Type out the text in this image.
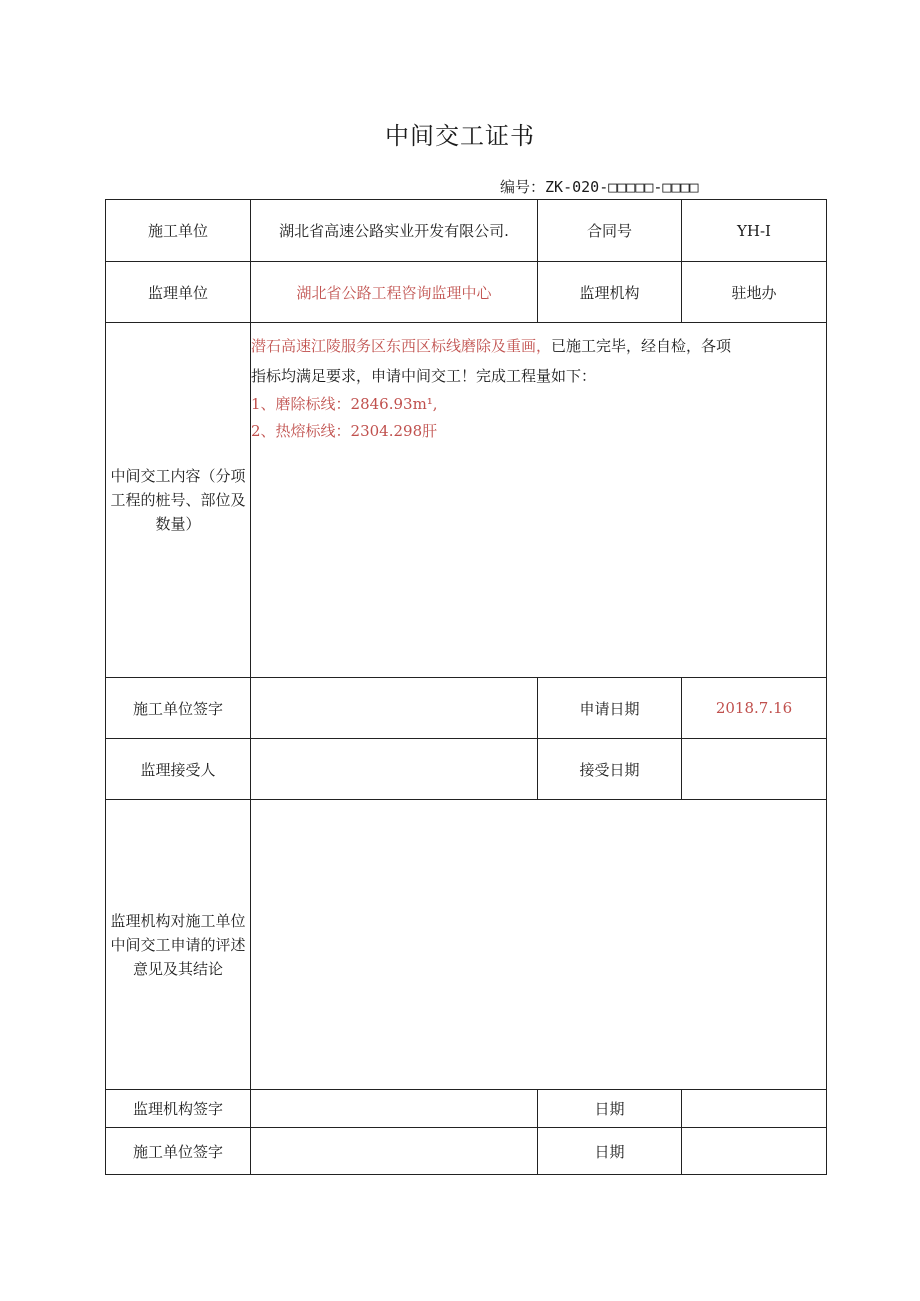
中间交工证书
编号：ZK-020-□□□□□-□□□□
施工单位	湖北省高速公路实业开发有限公司.	合同号	YH-I
监理单位	湖北省公路工程咨询监理中心	监理机构	驻地办
中间交工内容（分项工程的桩号、部位及数量）	潜石高速江陵服务区东西区标线磨除及重画，已施工完毕，经自检，各项

指标均满足要求，申请中间交工！完成工程量如下：

1、磨除标线：2846.93m¹,

2、热熔标线：2304.298肝		

施工单位签字		申请日期	2018.7.16
监理接受人		接受日期	
监理机构对施工单位中间交工申请的评述意见及其结论			
监理机构签字		日期	
施工单位签字		日期	
